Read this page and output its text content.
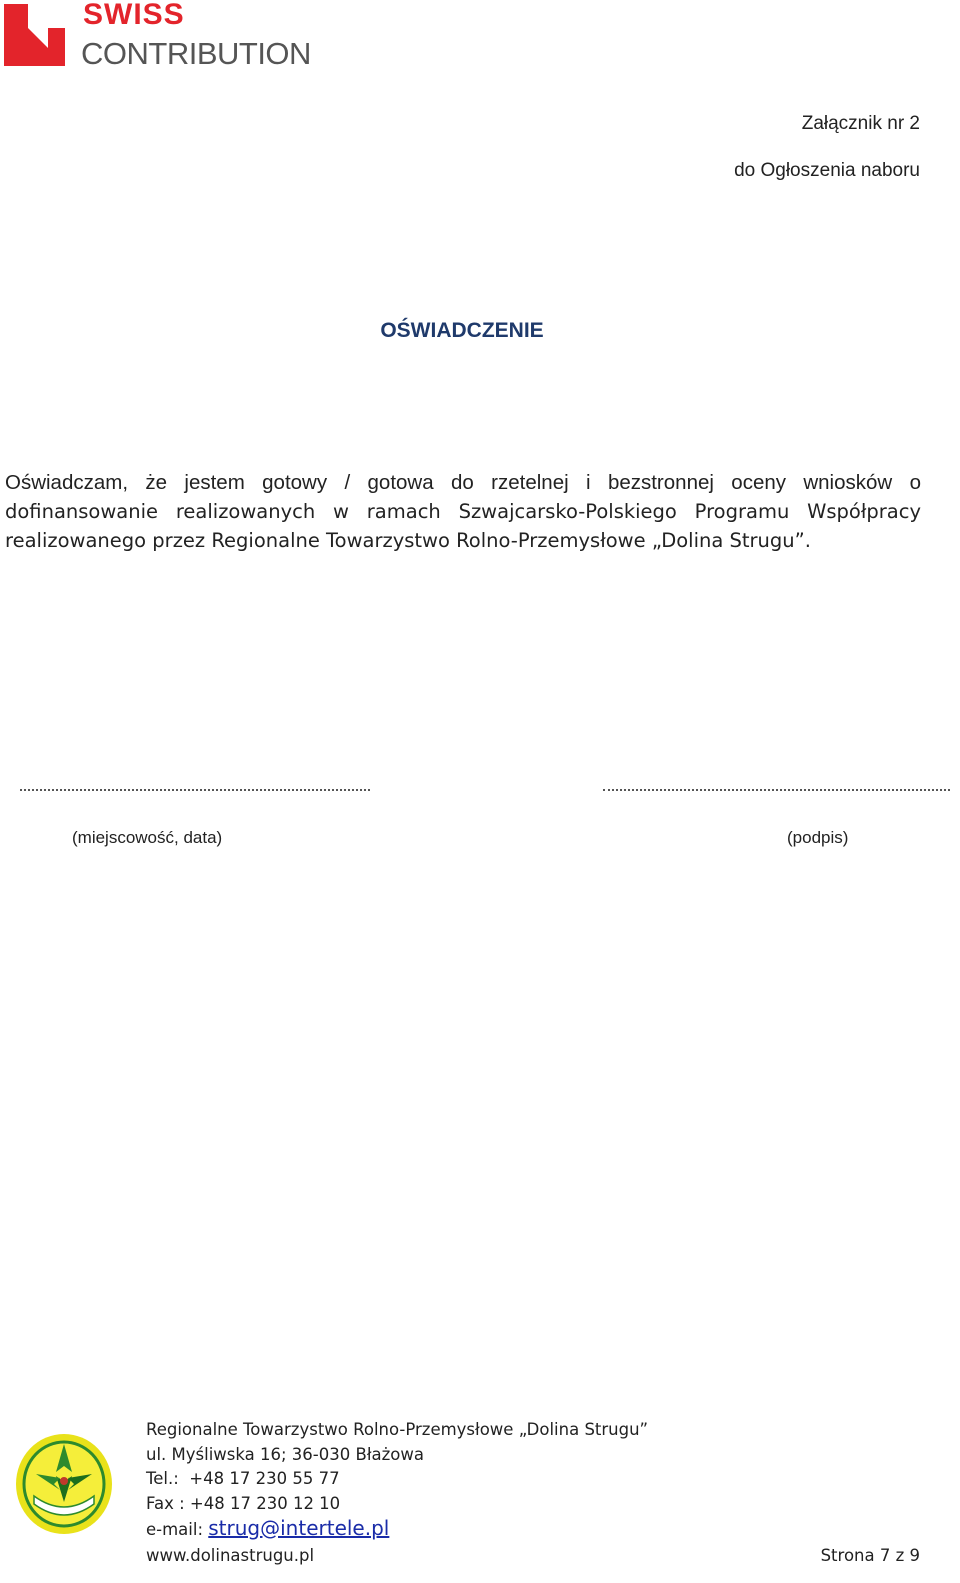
SWISS
CONTRIBUTION
Załącznik nr 2
do Ogłoszenia naboru
OŚWIADCZENIE
Oświadczam, że jestem gotowy / gotowa do rzetelnej i bezstronnej oceny wniosków o
dofinansowanie realizowanych w ramach Szwajcarsko-Polskiego Programu Współpracy
realizowanego przez Regionalne Towarzystwo Rolno-Przemysłowe „Dolina Strugu”.
(miejscowość, data)	(podpis)
Regionalne Towarzystwo Rolno-Przemysłowe „Dolina Strugu”
ul. Myśliwska 16; 36-030 Błażowa
Tel.:  +48 17 230 55 77
Fax : +48 17 230 12 10
e-mail: strug@intertele.pl
www.dolinastrugu.pl	Strona 7 z 9
